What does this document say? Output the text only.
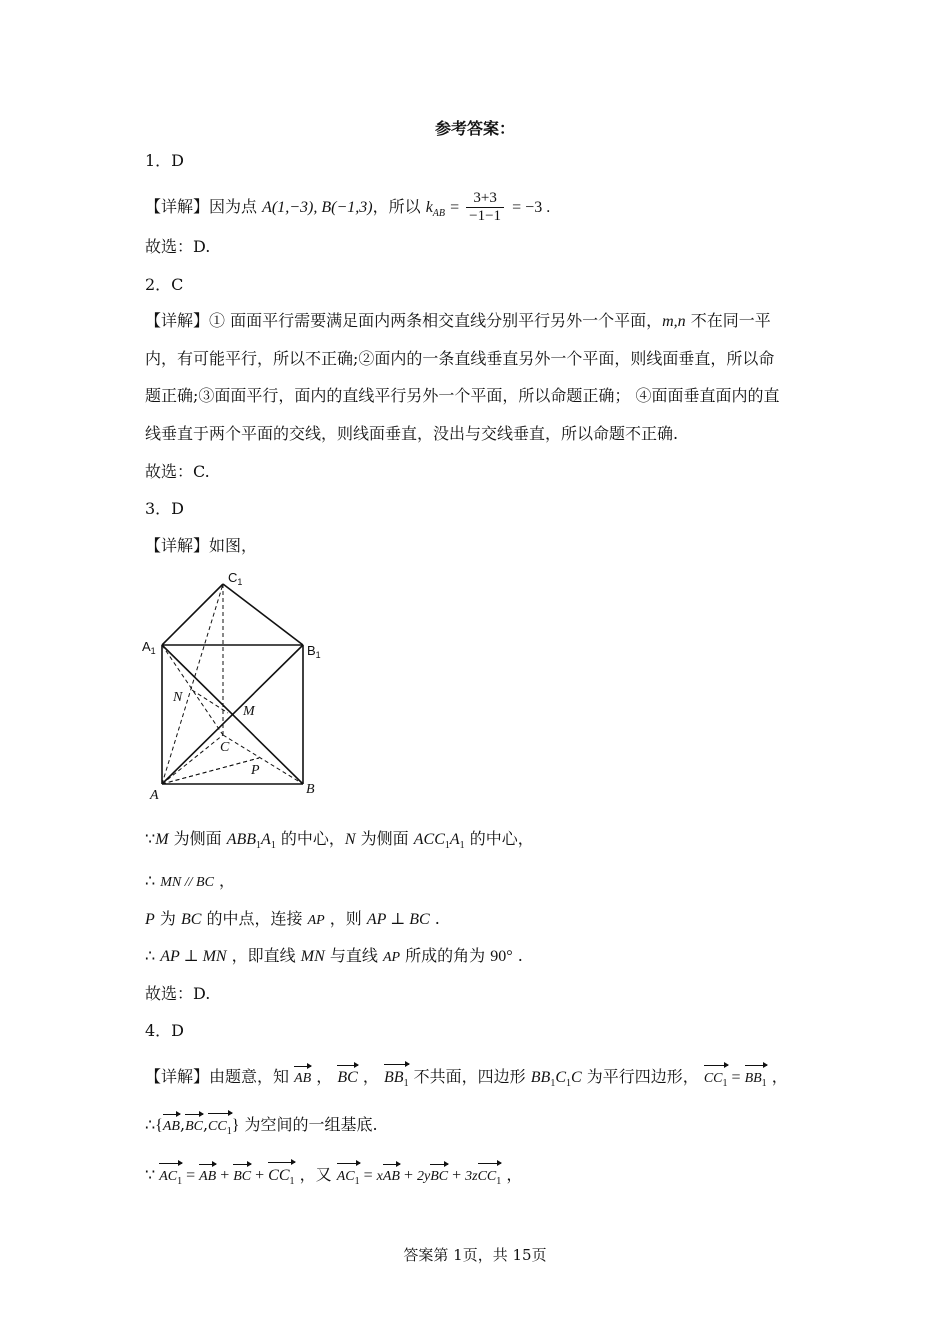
参考答案：
1．D
【详解】因为点 A(1,−3), B(−1,3)，所以 $k_{AB} = \frac{3+3}{-1-1} = -3$ .
故选：D.
2．C
【详解】① 面面平行需要满足面内两条相交直线分别平行另外一个平面，m,n 不在同一平
内，有可能平行，所以不正确;②面内的一条直线垂直另外一个平面，则线面垂直，所以命
题正确;③面面平行，面内的直线平行另外一个平面，所以命题正确； ④面面垂直面内的直
线垂直于两个平面的交线，则线面垂直，没出与交线垂直，所以命题不正确.
故选：C.
3．D
【详解】如图，
$C_1$
$A_1$	$B_1$
N
M
C
P
A	B
∵M 为侧面 $ABB_1A_1$ 的中心，N 为侧面 $ACC_1A_1$ 的中心，
∴ MN // BC ，
P 为 BC 的中点，连接 AP ，则 AP ⊥ BC .
∴ AP ⊥ MN ，即直线 MN 与直线 AP 所成的角为 90° .
故选：D.
4．D
【详解】由题意，知 AB ， BC ， $BB_1$ 不共面，四边形 $BB_1C_1C$ 为平行四边形， $CC_1 = BB_1$ ，
$\therefore\{AB,BC,CC_1\}$ 为空间的一组基底.
∵ $AC_1$ = AB + BC + $CC_1$ ，又 $AC_1$ = xAB + 2yBC + 3zCC$_1$ ，
答案第 1页，共 15页
